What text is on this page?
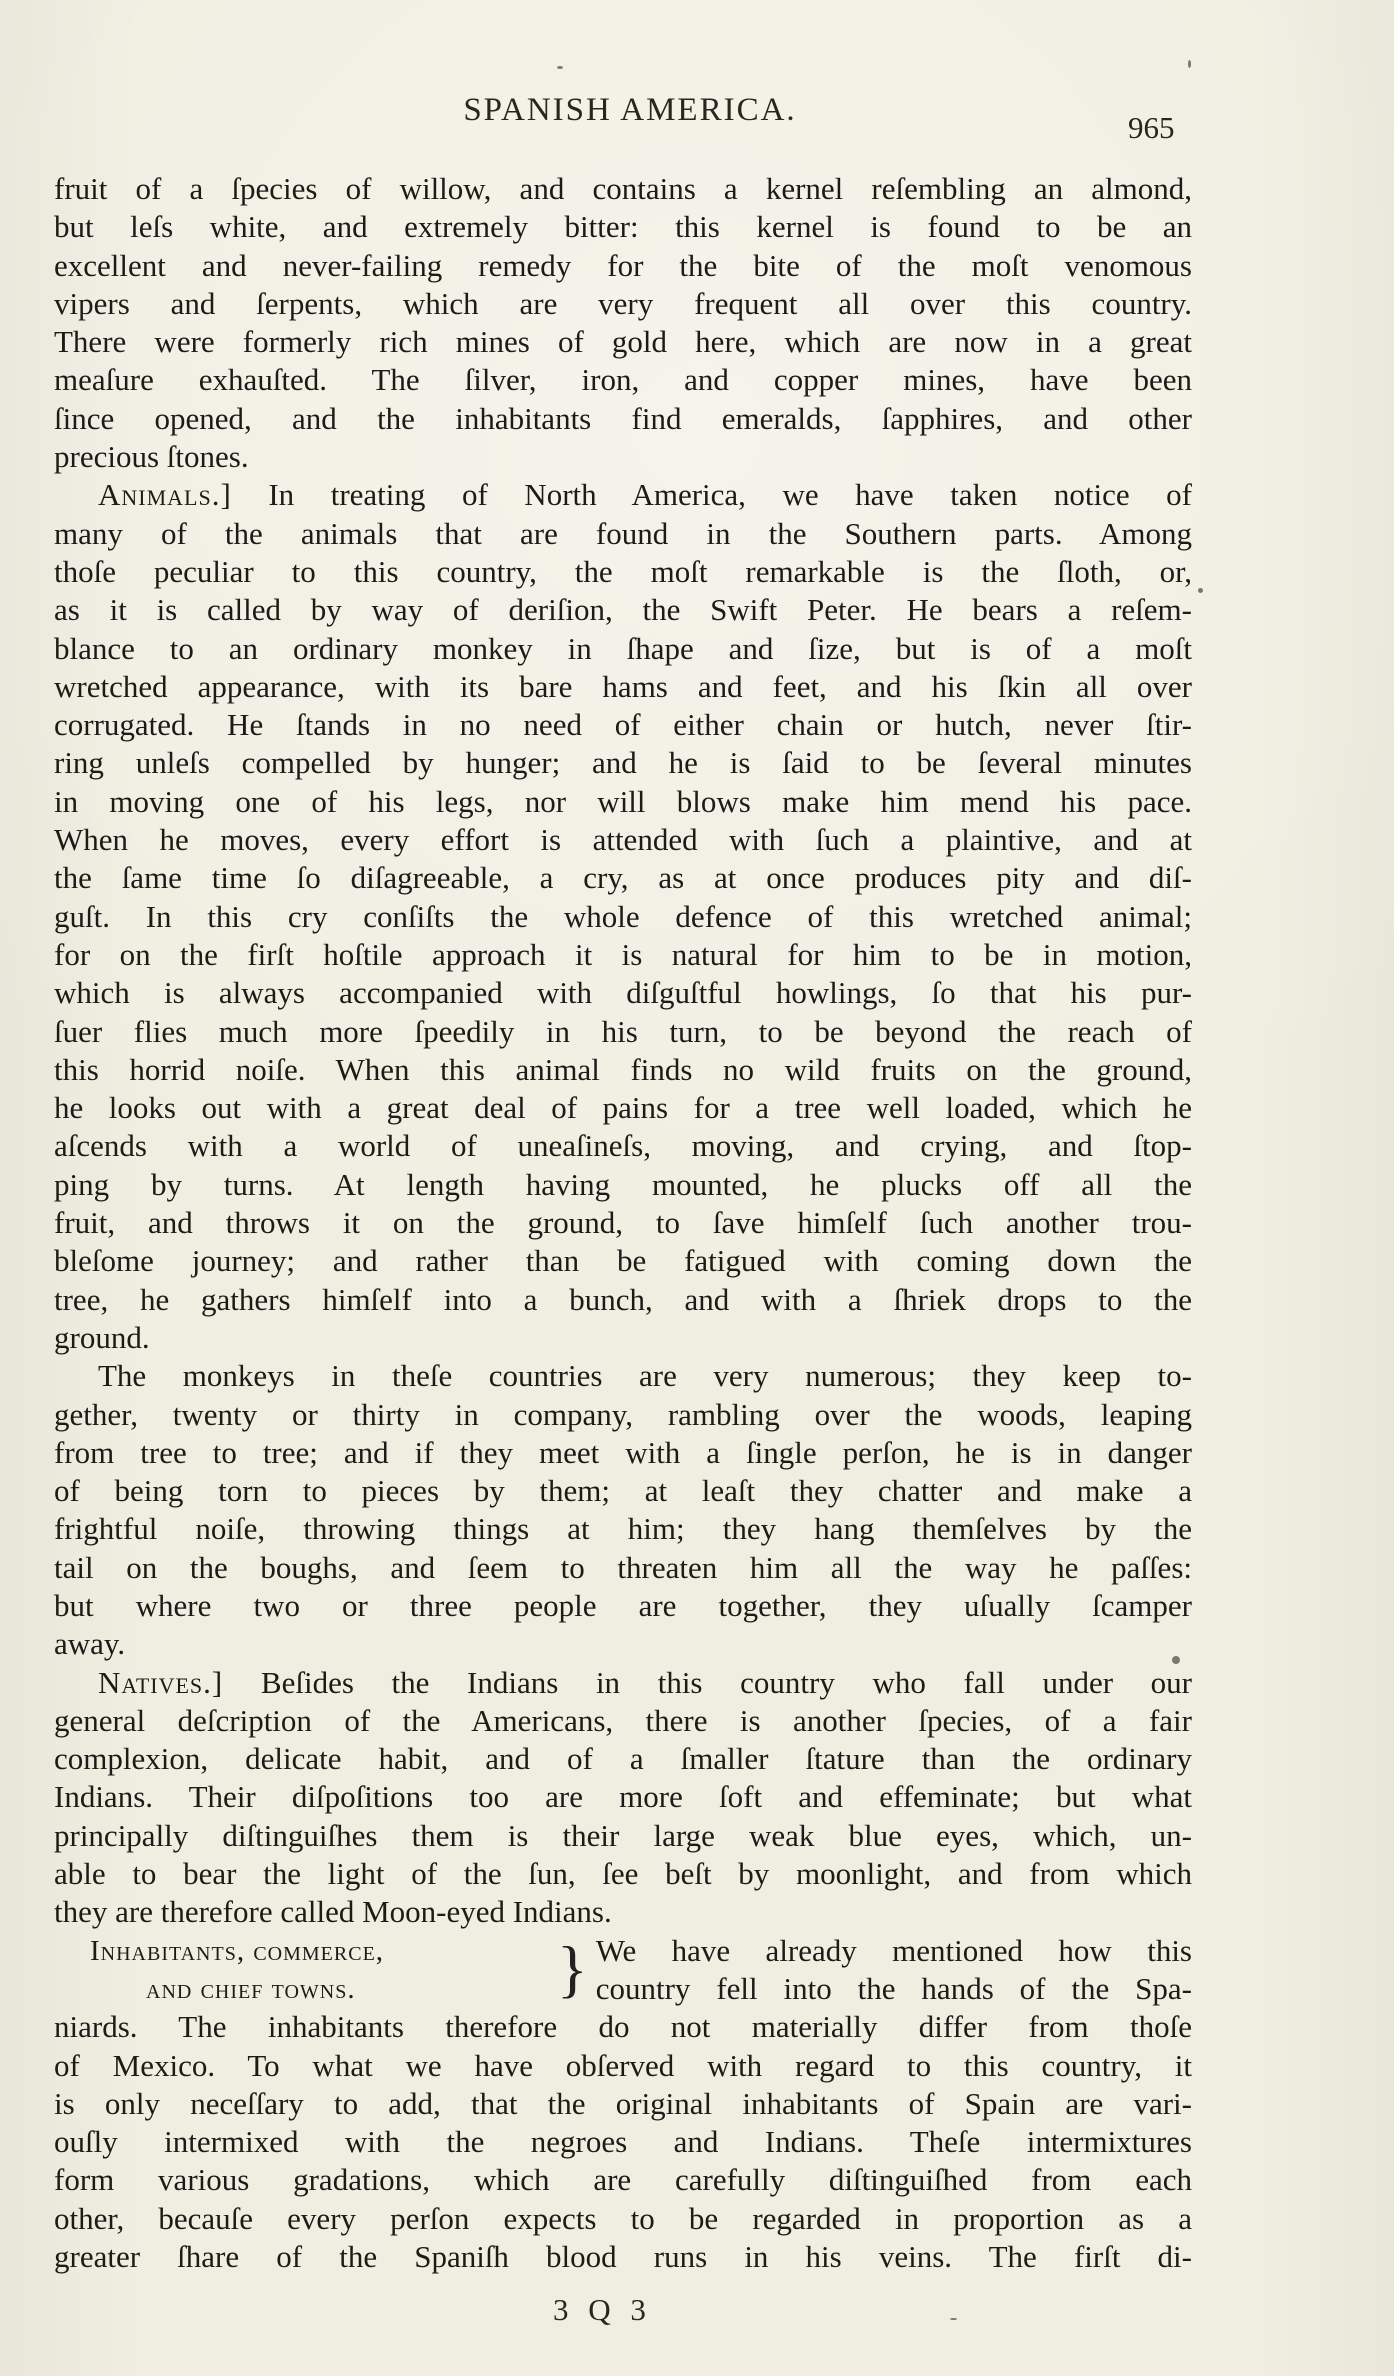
SPANISH AMERICA.	965
fruit of a ſpecies of willow, and contains a kernel reſembling an almond,
but leſs white, and extremely bitter: this kernel is found to be an
excellent and never-failing remedy for the bite of the moſt venomous
vipers and ſerpents, which are very frequent all over this country.
There were formerly rich mines of gold here, which are now in a great
meaſure exhauſted. The ſilver, iron, and copper mines, have been
ſince opened, and the inhabitants find emeralds, ſapphires, and other
precious ſtones.
Animals.] In treating of North America, we have taken notice of
many of the animals that are found in the Southern parts. Among
thoſe peculiar to this country, the moſt remarkable is the ſloth, or,
as it is called by way of deriſion, the Swift Peter. He bears a reſem-
blance to an ordinary monkey in ſhape and ſize, but is of a moſt
wretched appearance, with its bare hams and feet, and his ſkin all over
corrugated. He ſtands in no need of either chain or hutch, never ſtir-
ring unleſs compelled by hunger; and he is ſaid to be ſeveral minutes
in moving one of his legs, nor will blows make him mend his pace.
When he moves, every effort is attended with ſuch a plaintive, and at
the ſame time ſo diſagreeable, a cry, as at once produces pity and diſ-
guſt. In this cry conſiſts the whole defence of this wretched animal;
for on the firſt hoſtile approach it is natural for him to be in motion,
which is always accompanied with diſguſtful howlings, ſo that his pur-
ſuer flies much more ſpeedily in his turn, to be beyond the reach of
this horrid noiſe. When this animal finds no wild fruits on the ground,
he looks out with a great deal of pains for a tree well loaded, which he
aſcends with a world of uneaſineſs, moving, and crying, and ſtop-
ping by turns. At length having mounted, he plucks off all the
fruit, and throws it on the ground, to ſave himſelf ſuch another trou-
bleſome journey; and rather than be fatigued with coming down the
tree, he gathers himſelf into a bunch, and with a ſhriek drops to the
ground.
The monkeys in theſe countries are very numerous; they keep to-
gether, twenty or thirty in company, rambling over the woods, leaping
from tree to tree; and if they meet with a ſingle perſon, he is in danger
of being torn to pieces by them; at leaſt they chatter and make a
frightful noiſe, throwing things at him; they hang themſelves by the
tail on the boughs, and ſeem to threaten him all the way he paſſes:
but where two or three people are together, they uſually ſcamper
away.
Natives.] Beſides the Indians in this country who fall under our
general deſcription of the Americans, there is another ſpecies, of a fair
complexion, delicate habit, and of a ſmaller ſtature than the ordinary
Indians. Their diſpoſitions too are more ſoft and effeminate; but what
principally diſtinguiſhes them is their large weak blue eyes, which, un-
able to bear the light of the ſun, ſee beſt by moonlight, and from which
they are therefore called Moon-eyed Indians.
Inhabitants, commerce,
and chief towns.	} We have already mentioned how this
country fell into the hands of the Spa-
niards. The inhabitants therefore do not materially differ from thoſe
of Mexico. To what we have obſerved with regard to this country, it
is only neceſſary to add, that the original inhabitants of Spain are vari-
ouſly intermixed with the negroes and Indians. Theſe intermixtures
form various gradations, which are carefully diſtinguiſhed from each
other, becauſe every perſon expects to be regarded in proportion as a
greater ſhare of the Spaniſh blood runs in his veins. The firſt di-
3 Q 3
